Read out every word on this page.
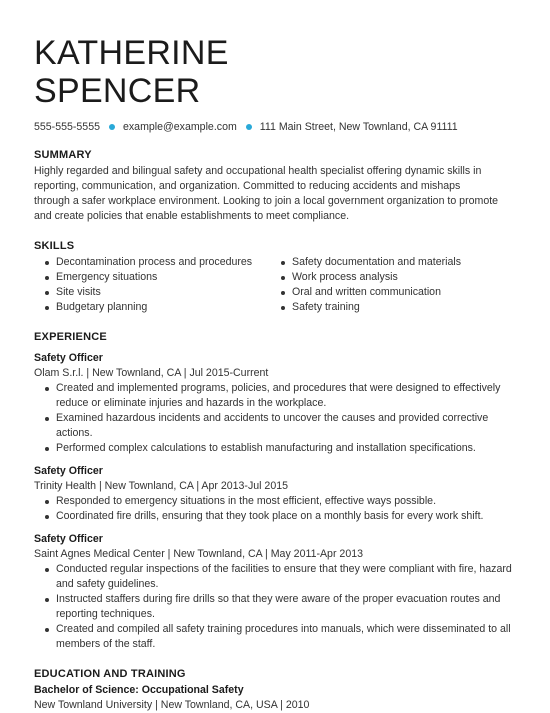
KATHERINE
SPENCER
555-555-5555 example@example.com 111 Main Street, New Townland, CA 91111
SUMMARY

Highly regarded and bilingual safety and occupational health specialist offering dynamic skills in
reporting, communication, and organization. Committed to reducing accidents and mishaps
through a safer workplace environment. Looking to join a local government organization to promote
and create policies that enable establishments to meet compliance.

SKILLS
Decontamination process and procedures
Emergency situations
Site visits
Budgetary planning
Safety documentation and materials
Work process analysis
Oral and written communication
Safety training
EXPERIENCE
Safety Officer
Olam S.r.l. | New Townland, CA | Jul 2015-Current
Created and implemented programs, policies, and procedures that were designed to effectively reduce or eliminate injuries and hazards in the workplace.
Examined hazardous incidents and accidents to uncover the causes and provided corrective actions.
Performed complex calculations to establish manufacturing and installation specifications.
Safety Officer
Trinity Health | New Townland, CA | Apr 2013-Jul 2015
Responded to emergency situations in the most efficient, effective ways possible.
Coordinated fire drills, ensuring that they took place on a monthly basis for every work shift.
Safety Officer
Saint Agnes Medical Center | New Townland, CA | May 2011-Apr 2013
Conducted regular inspections of the facilities to ensure that they were compliant with fire, hazard and safety guidelines.
Instructed staffers during fire drills so that they were aware of the proper evacuation routes and reporting techniques.
Created and compiled all safety training procedures into manuals, which were disseminated to all members of the staff.
EDUCATION AND TRAINING
Bachelor of Science: Occupational Safety
New Townland University | New Townland, CA, USA | 2010
